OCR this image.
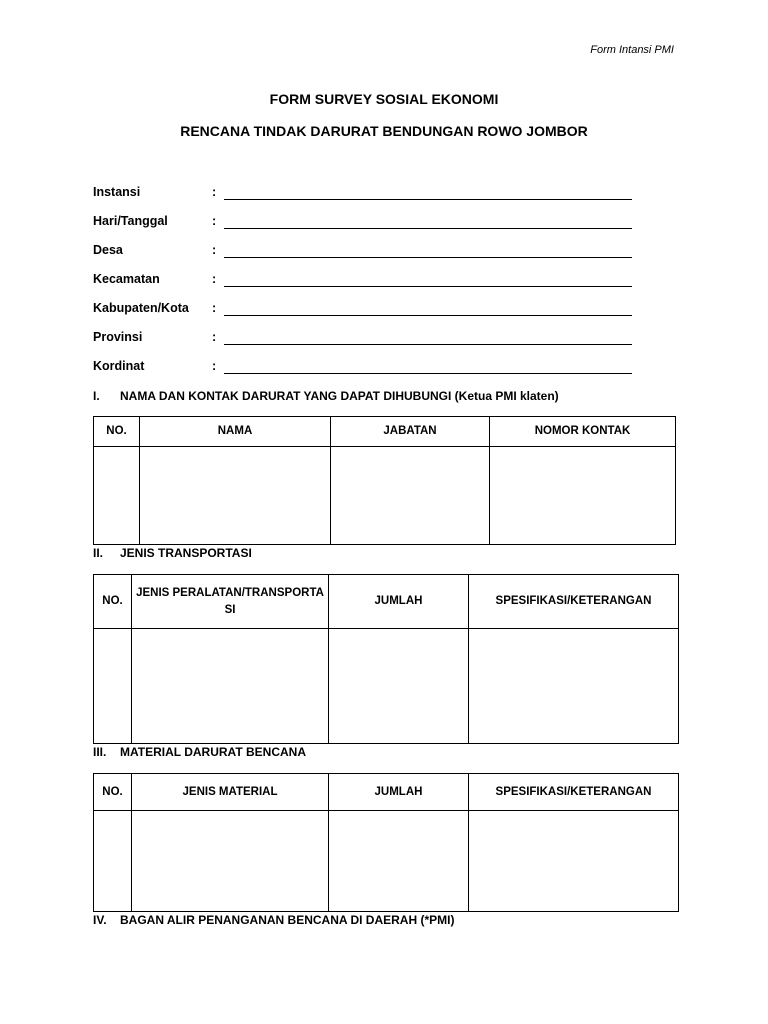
Form Intansi PMI
FORM SURVEY SOSIAL EKONOMI
RENCANA TINDAK DARURAT BENDUNGAN ROWO JOMBOR
Instansi	:
Hari/Tanggal	:
Desa	:
Kecamatan	:
Kabupaten/Kota :
Provinsi	:
Kordinat	:
I. NAMA DAN KONTAK DARURAT YANG DAPAT DIHUBUNGI (Ketua PMI klaten)
NO.	NAMA	JABATAN	NOMOR KONTAK

II. JENIS TRANSPORTASI
NO.	JENIS PERALATAN/TRANSPORTASI	JUMLAH	SPESIFIKASI/KETERANGAN

III. MATERIAL DARURAT BENCANA
NO.	JENIS MATERIAL	JUMLAH	SPESIFIKASI/KETERANGAN

IV. BAGAN ALIR PENANGANAN BENCANA DI DAERAH (*PMI)
